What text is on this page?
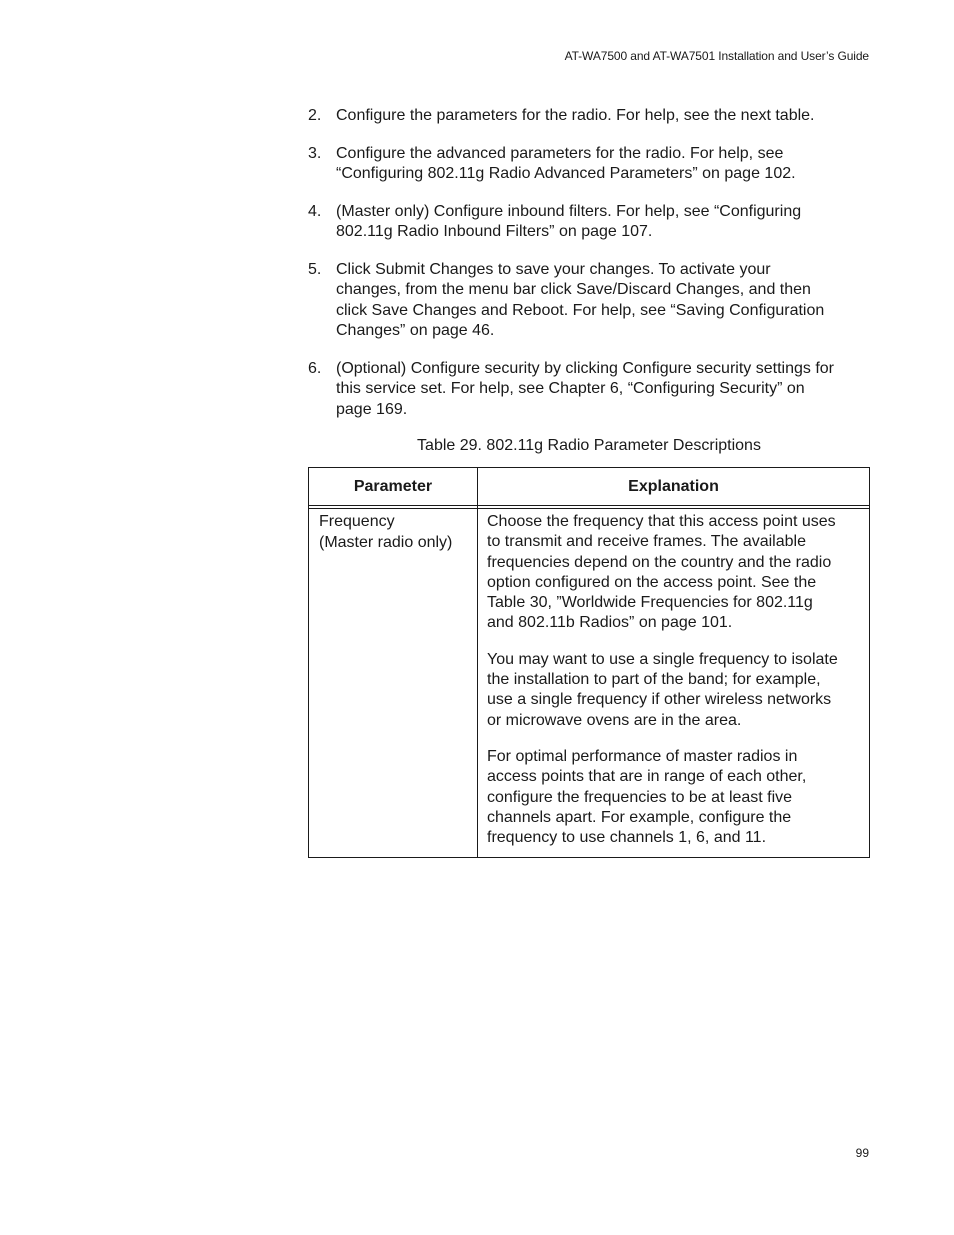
AT-WA7500 and AT-WA7501 Installation and User’s Guide
2. Configure the parameters for the radio. For help, see the next table.
3. Configure the advanced parameters for the radio. For help, see
“Configuring 802.11g Radio Advanced Parameters” on page 102.
4. (Master only) Configure inbound filters. For help, see “Configuring
802.11g Radio Inbound Filters” on page 107.
5. Click Submit Changes to save your changes. To activate your
changes, from the menu bar click Save/Discard Changes, and then
click Save Changes and Reboot. For help, see “Saving Configuration
Changes” on page 46.
6. (Optional) Configure security by clicking Configure security settings for
this service set. For help, see Chapter 6, “Configuring Security” on
page 169.
Table 29. 802.11g Radio Parameter Descriptions
Parameter	Explanation
Frequency
(Master radio only)

Choose the frequency that this access point uses
to transmit and receive frames. The available
frequencies depend on the country and the radio
option configured on the access point. See the
Table 30, ”Worldwide Frequencies for 802.11g
and 802.11b Radios” on page 101.

You may want to use a single frequency to isolate
the installation to part of the band; for example,
use a single frequency if other wireless networks
or microwave ovens are in the area.

For optimal performance of master radios in
access points that are in range of each other,
configure the frequencies to be at least five
channels apart. For example, configure the
frequency to use channels 1, 6, and 11.

99
